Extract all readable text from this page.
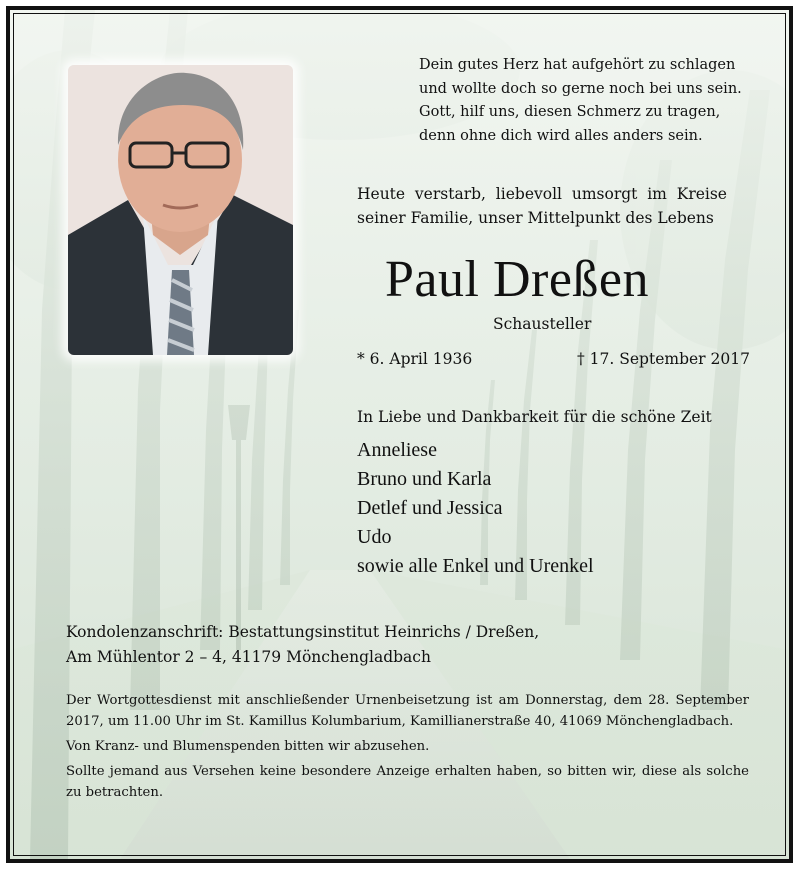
Dein gutes Herz hat aufgehört zu schlagen
und wollte doch so gerne noch bei uns sein.
Gott, hilf uns, diesen Schmerz zu tragen,
denn ohne dich wird alles anders sein.
Heute verstarb, liebevoll umsorgt im Kreise
seiner Familie, unser Mittelpunkt des Lebens
Paul Dreßen
Schausteller
* 6. April 1936	† 17. September 2017
In Liebe und Dankbarkeit für die schöne Zeit
Anneliese
Bruno und Karla
Detlef und Jessica
Udo
sowie alle Enkel und Urenkel
Kondolenzanschrift: Bestattungsinstitut Heinrichs / Dreßen,
Am Mühlentor 2 – 4, 41179 Mönchengladbach

Der Wortgottesdienst mit anschließender Urnenbeisetzung ist am Donnerstag, dem 28. September 2017, um 11.00 Uhr im St. Kamillus Kolumbarium, Kamillianerstraße 40, 41069 Mönchengladbach.

Von Kranz- und Blumenspenden bitten wir abzusehen.

Sollte jemand aus Versehen keine besondere Anzeige erhalten haben, so bitten wir, diese als solche zu betrachten.
